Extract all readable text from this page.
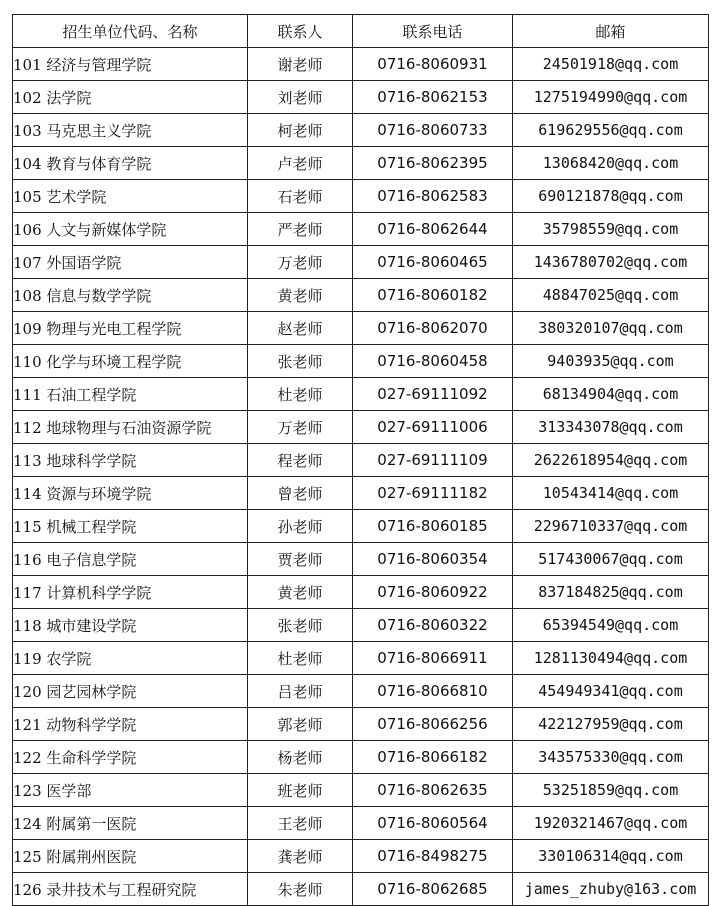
招生单位代码、名称	联系人	联系电话	邮箱
101 经济与管理学院	谢老师	0716-8060931	24501918@qq.com
102 法学院	刘老师	0716-8062153	1275194990@qq.com
103 马克思主义学院	柯老师	0716-8060733	619629556@qq.com
104 教育与体育学院	卢老师	0716-8062395	13068420@qq.com
105 艺术学院	石老师	0716-8062583	690121878@qq.com
106 人文与新媒体学院	严老师	0716-8062644	35798559@qq.com
107 外国语学院	万老师	0716-8060465	1436780702@qq.com
108 信息与数学学院	黄老师	0716-8060182	48847025@qq.com
109 物理与光电工程学院	赵老师	0716-8062070	380320107@qq.com
110 化学与环境工程学院	张老师	0716-8060458	9403935@qq.com
111 石油工程学院	杜老师	027-69111092	68134904@qq.com
112 地球物理与石油资源学院	万老师	027-69111006	313343078@qq.com
113 地球科学学院	程老师	027-69111109	2622618954@qq.com
114 资源与环境学院	曾老师	027-69111182	10543414@qq.com
115 机械工程学院	孙老师	0716-8060185	2296710337@qq.com
116 电子信息学院	贾老师	0716-8060354	517430067@qq.com
117 计算机科学学院	黄老师	0716-8060922	837184825@qq.com
118 城市建设学院	张老师	0716-8060322	65394549@qq.com
119 农学院	杜老师	0716-8066911	1281130494@qq.com
120 园艺园林学院	吕老师	0716-8066810	454949341@qq.com
121 动物科学学院	郭老师	0716-8066256	422127959@qq.com
122 生命科学学院	杨老师	0716-8066182	343575330@qq.com
123 医学部	班老师	0716-8062635	53251859@qq.com
124 附属第一医院	王老师	0716-8060564	1920321467@qq.com
125 附属荆州医院	龚老师	0716-8498275	330106314@qq.com
126 录井技术与工程研究院	朱老师	0716-8062685	james_zhuby@163.com
